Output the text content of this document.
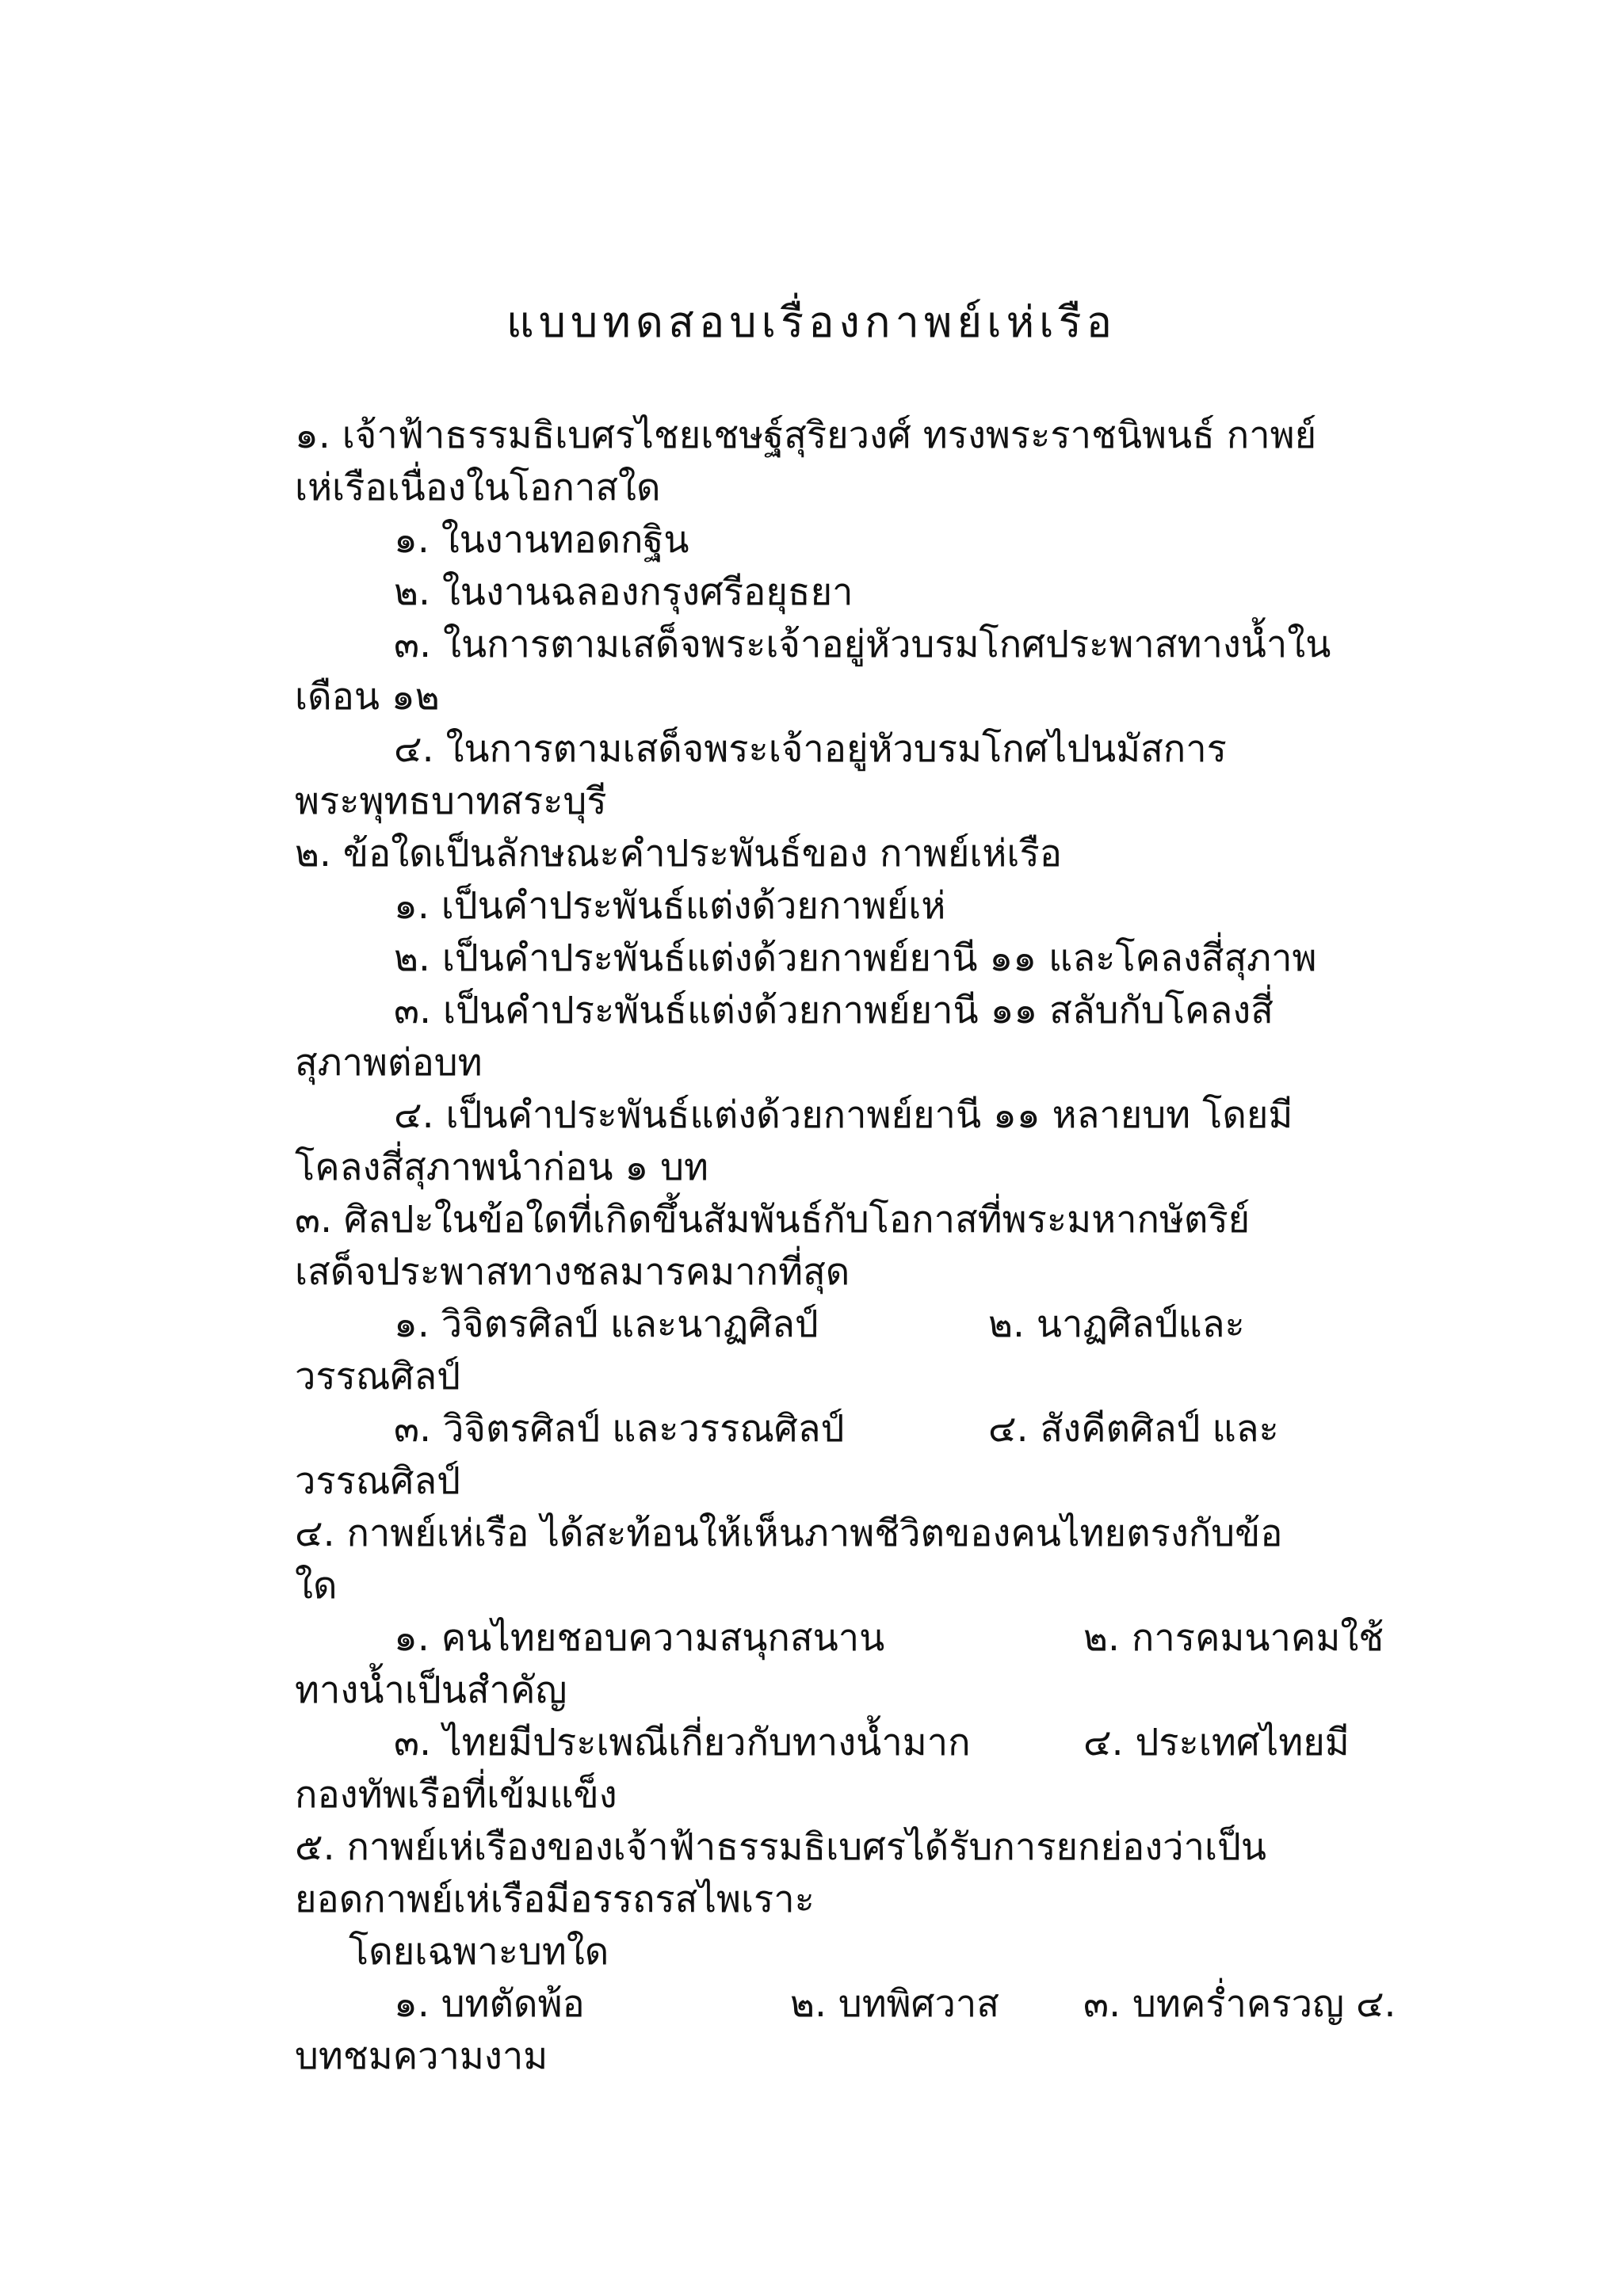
แบบทดสอบเรื่องกาพย์เห่เรือ
๑. เจ้าฟ้าธรรมธิเบศรไชยเชษฐ์สุริยวงศ์ ทรงพระราชนิพนธ์ กาพย์
เห่เรือเนื่องในโอกาสใด
๑. ในงานทอดกฐิน
๒. ในงานฉลองกรุงศรีอยุธยา
๓. ในการตามเสด็จพระเจ้าอยู่หัวบรมโกศประพาสทางน้ำใน
เดือน ๑๒
๔. ในการตามเสด็จพระเจ้าอยู่หัวบรมโกศไปนมัสการ
พระพุทธบาทสระบุรี
๒. ข้อใดเป็นลักษณะคำประพันธ์ของ กาพย์เห่เรือ
๑. เป็นคำประพันธ์แต่งด้วยกาพย์เห่
๒. เป็นคำประพันธ์แต่งด้วยกาพย์ยานี ๑๑ และโคลงสี่สุภาพ
๓. เป็นคำประพันธ์แต่งด้วยกาพย์ยานี ๑๑ สลับกับโคลงสี่
สุภาพต่อบท
๔. เป็นคำประพันธ์แต่งด้วยกาพย์ยานี ๑๑ หลายบท โดยมี
โคลงสี่สุภาพนำก่อน ๑ บท
๓. ศิลปะในข้อใดที่เกิดขึ้นสัมพันธ์กับโอกาสที่พระมหากษัตริย์
เสด็จประพาสทางชลมารคมากที่สุด
๑. วิจิตรศิลป์ และนาฏศิลป์	๒. นาฏศิลป์และ
วรรณศิลป์
๓. วิจิตรศิลป์ และวรรณศิลป์	๔. สังคีตศิลป์ และ
วรรณศิลป์
๔. กาพย์เห่เรือ ได้สะท้อนให้เห็นภาพชีวิตของคนไทยตรงกับข้อ
ใด
๑. คนไทยชอบความสนุกสนาน	๒. การคมนาคมใช้
ทางน้ำเป็นสำคัญ
๓. ไทยมีประเพณีเกี่ยวกับทางน้ำมาก	๔. ประเทศไทยมี
กองทัพเรือที่เข้มแข็ง
๕. กาพย์เห่เรืองของเจ้าฟ้าธรรมธิเบศรได้รับการยกย่องว่าเป็น
ยอดกาพย์เห่เรือมีอรรถรสไพเราะ
โดยเฉพาะบทใด
๑. บทตัดพ้อ	๒. บทพิศวาส ๓. บทคร่ำครวญ ๔.
บทชมความงาม
